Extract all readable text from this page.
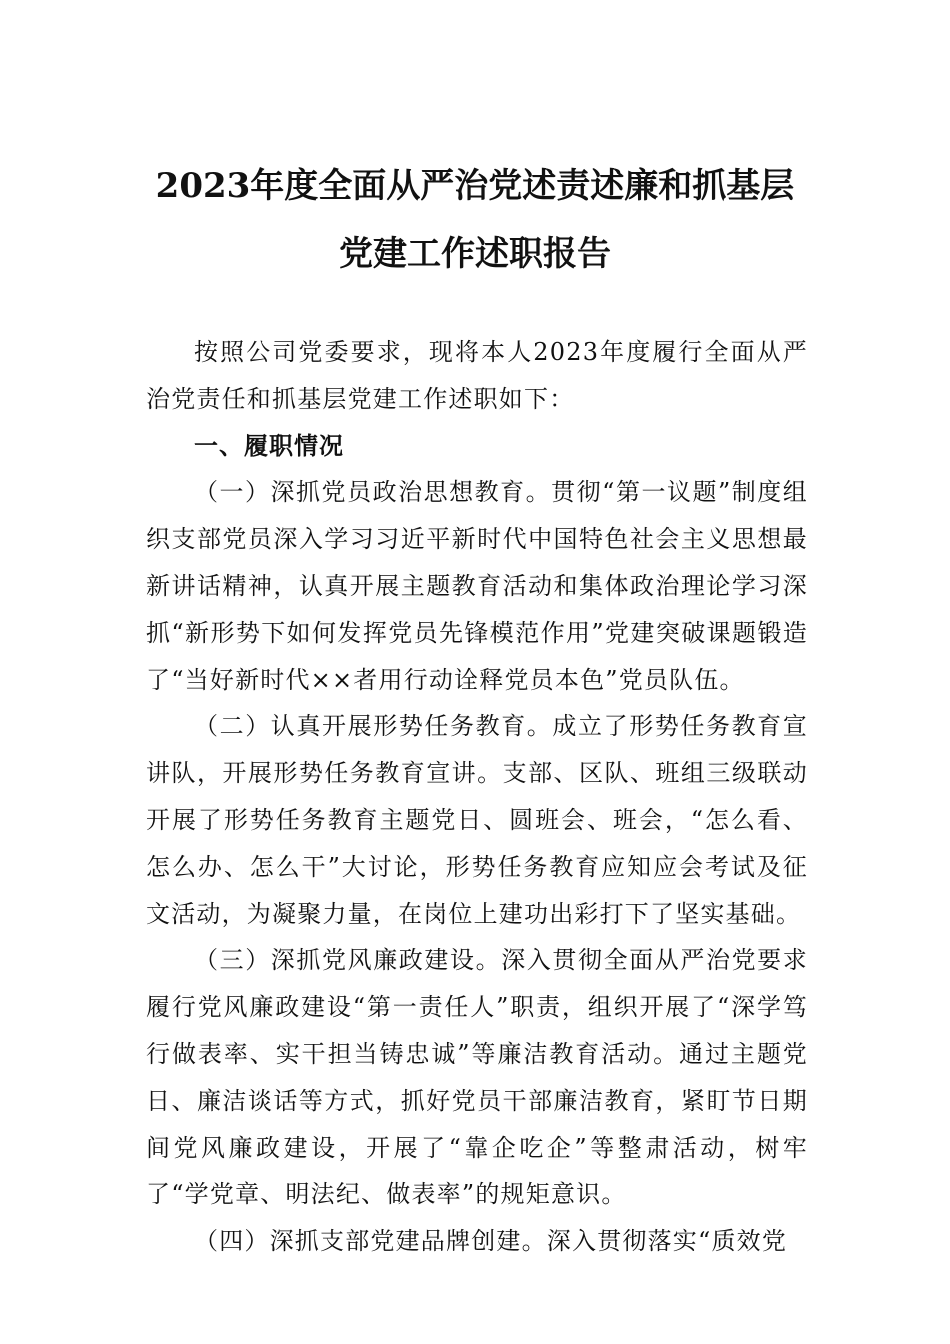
2023年度全面从严治党述责述廉和抓基层
党建工作述职报告

按照公司党委要求，现将本人2023年度履行全面从严治党责任和抓基层党建工作述职如下：

一、履职情况

（一）深抓党员政治思想教育。贯彻“第一议题”制度组织支部党员深入学习习近平新时代中国特色社会主义思想最新讲话精神，认真开展主题教育活动和集体政治理论学习深抓“新形势下如何发挥党员先锋模范作用”党建突破课题锻造了“当好新时代××者用行动诠释党员本色”党员队伍。

（二）认真开展形势任务教育。成立了形势任务教育宣讲队，开展形势任务教育宣讲。支部、区队、班组三级联动开展了形势任务教育主题党日、圆班会、班会，“怎么看、怎么办、怎么干”大讨论，形势任务教育应知应会考试及征文活动，为凝聚力量，在岗位上建功出彩打下了坚实基础。

（三）深抓党风廉政建设。深入贯彻全面从严治党要求履行党风廉政建设“第一责任人”职责，组织开展了“深学笃行做表率、实干担当铸忠诚”等廉洁教育活动。通过主题党日、廉洁谈话等方式，抓好党员干部廉洁教育，紧盯节日期间党风廉政建设，开展了“靠企吃企”等整肃活动，树牢了“学党章、明法纪、做表率”的规矩意识。

（四）深抓支部党建品牌创建。深入贯彻落实“质效党
